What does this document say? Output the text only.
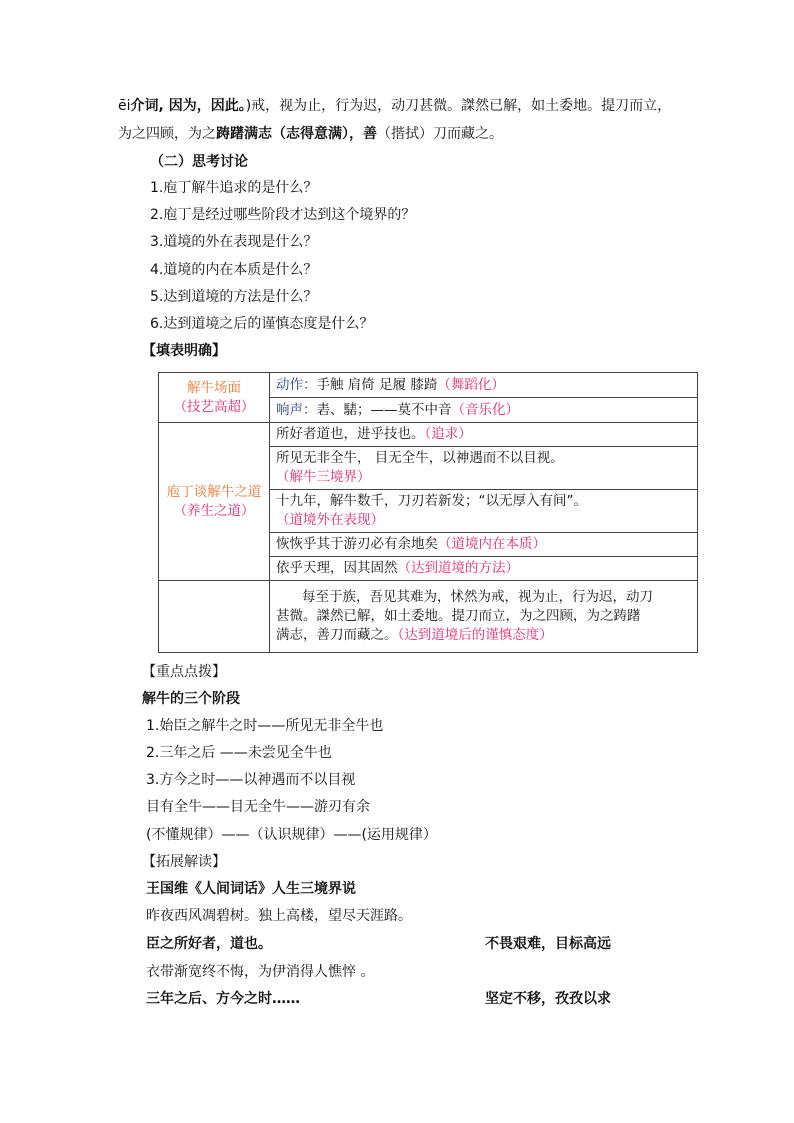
ēi介词, 因为，因此。)戒，视为止，行为迟，动刀甚微。謋然已解，如土委地。提刀而立，
为之四顾，为之踌躇满志（志得意满），善（揩拭）刀而藏之。
（二）思考讨论
1.庖丁解牛追求的是什么？
2.庖丁是经过哪些阶段才达到这个境界的？
3.道境的外在表现是什么？
4.道境的内在本质是什么？
5.达到道境的方法是什么？
6.达到道境之后的谨慎态度是什么？
【填表明确】
解牛场面
（技艺高超）	动作：手触 肩倚 足履 膝踦（舞蹈化）
	响声：砉、騞；——莫不中音（音乐化）

庖丁谈解牛之道
（养生之道）	所好者道也，进乎技也。（追求）

	所见无非全牛， 目无全牛，以神遇而不以目视。
（解牛三境界）

	十九年，解牛数千，刀刃若新发；“以无厚入有间”。
（道境外在表现）

	恢恢乎其于游刃必有余地矣（道境内在本质）
	依乎天理，因其固然（达到道境的方法）

	每至于族，吾见其难为，怵然为戒，视为止，行为迟，动刀
甚微。謋然已解，如土委地。提刀而立，为之四顾，为之踌躇
满志，善刀而藏之。（达到道境后的谨慎态度）
【重点点拨】
解牛的三个阶段
1.始臣之解牛之时——所见无非全牛也
2.三年之后 ——未尝见全牛也
3.方今之时——以神遇而不以目视
目有全牛——目无全牛——游刃有余
(不懂规律）——（认识规律）——(运用规律）
【拓展解读】
王国维《人间词话》人生三境界说
昨夜西风凋碧树。独上高楼，望尽天涯路。
臣之所好者，道也。	不畏艰难，目标高远
衣带渐宽终不悔，为伊消得人憔悴 。
三年之后、方今之时……	坚定不移，孜孜以求
